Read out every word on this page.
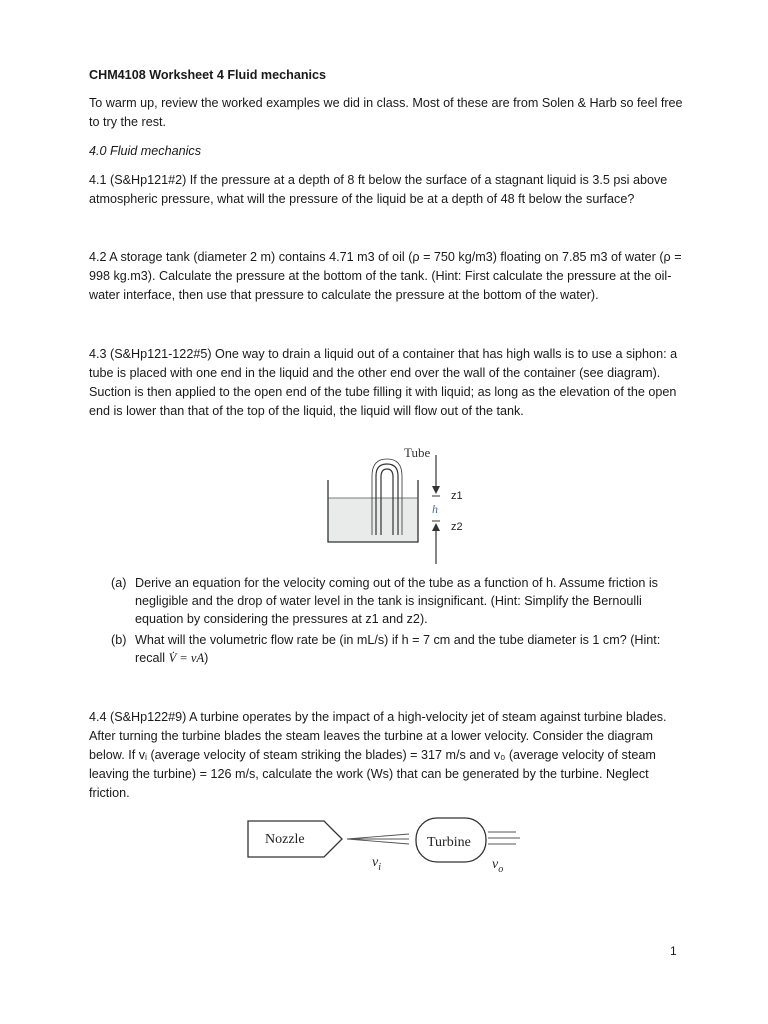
CHM4108 Worksheet 4 Fluid mechanics
To warm up, review the worked examples we did in class. Most of these are from Solen & Harb so feel free to try the rest.
4.0 Fluid mechanics
4.1 (S&Hp121#2) If the pressure at a depth of 8 ft below the surface of a stagnant liquid is 3.5 psi above atmospheric pressure, what will the pressure of the liquid be at a depth of 48 ft below the surface?
4.2 A storage tank (diameter 2 m) contains 4.71 m3 of oil (ρ = 750 kg/m3) floating on 7.85 m3 of water (ρ = 998 kg.m3). Calculate the pressure at the bottom of the tank. (Hint: First calculate the pressure at the oil-water interface, then use that pressure to calculate the pressure at the bottom of the water).
4.3 (S&Hp121-122#5) One way to drain a liquid out of a container that has high walls is to use a siphon: a tube is placed with one end in the liquid and the other end over the wall of the container (see diagram). Suction is then applied to the open end of the tube filling it with liquid; as long as the elevation of the open end is lower than that of the top of the liquid, the liquid will flow out of the tank.
Tube
h
z1
z2
(a) Derive an equation for the velocity coming out of the tube as a function of h. Assume friction is negligible and the drop of water level in the tank is insignificant. (Hint: Simplify the Bernoulli equation by considering the pressures at z1 and z2).
(b) What will the volumetric flow rate be (in mL/s) if h = 7 cm and the tube diameter is 1 cm? (Hint: recall V̇ = vA)
4.4 (S&Hp122#9) A turbine operates by the impact of a high-velocity jet of steam against turbine blades. After turning the turbine blades the steam leaves the turbine at a lower velocity. Consider the diagram below. If vᵢ (average velocity of steam striking the blades) = 317 m/s and v₀ (average velocity of steam leaving the turbine) = 126 m/s, calculate the work (Ws) that can be generated by the turbine. Neglect friction.
Nozzle	Turbine
$v_i$	$v_o$
1
